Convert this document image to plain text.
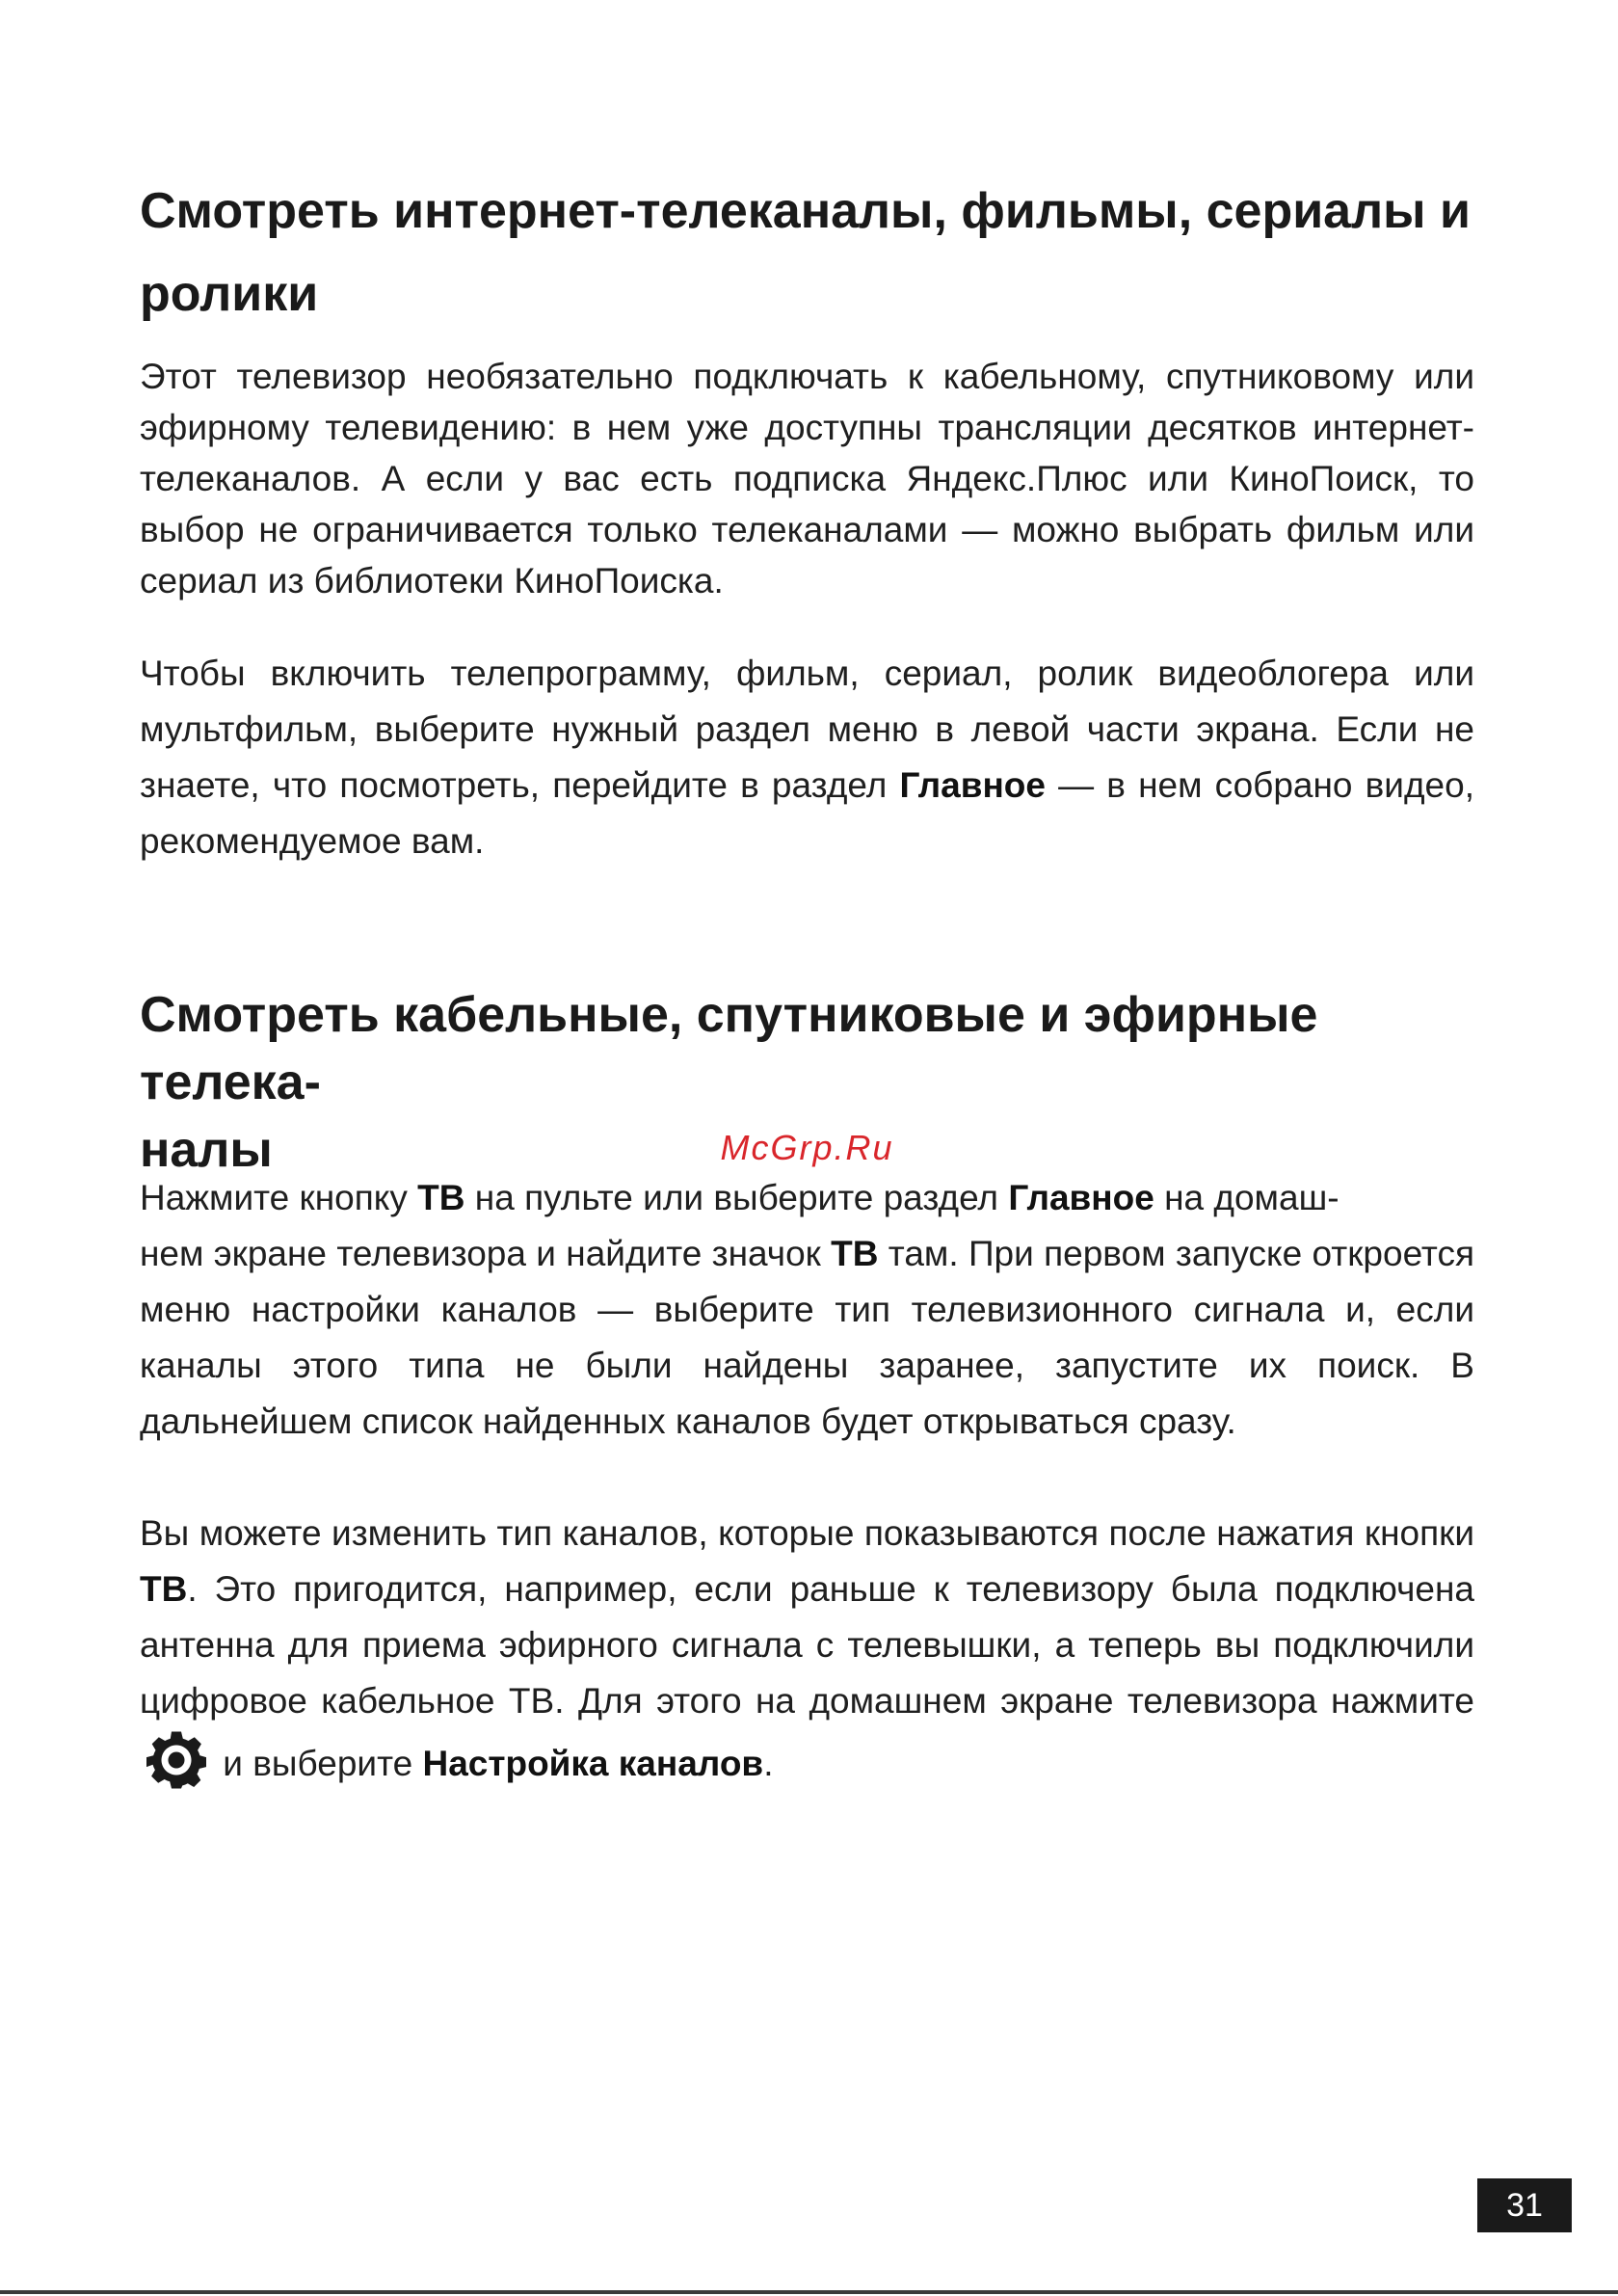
Смотреть интернет-телеканалы, фильмы, сериалы и ролики

Этот телевизор необязательно подключать к кабельному, спутниковому или эфирному телевидению: в нем уже доступны трансляции десятков интернет-телеканалов. А если у вас есть подписка Яндекс.Плюс или КиноПоиск, то выбор не ограничивается только телеканалами — можно выбрать фильм или сериал из библиотеки КиноПоиска.

Чтобы включить телепрограмму, фильм, сериал, ролик видеоблогера или мультфильм, выберите нужный раздел меню в левой части экрана. Если не знаете, что посмотреть, перейдите в раздел Главное — в нем собрано видео, рекомендуемое вам.

Смотреть кабельные, спутниковые и эфирные телека-
налы	McGrp.Ru

Нажмите кнопку ТВ на пульте или выберите раздел Главное на домаш-
нем экране телевизора и найдите значок ТВ там. При первом запуске откроется меню настройки каналов — выберите тип телевизионного сигнала и, если каналы этого типа не были найдены заранее, запустите их поиск. В дальнейшем список найденных каналов будет открываться сразу.

Вы можете изменить тип каналов, которые показываются после нажатия кнопки ТВ. Это пригодится, например, если раньше к телевизору была подключена антенна для приема эфирного сигнала с телевышки, а теперь вы подключили цифровое кабельное ТВ. Для этого на домашнем экране телевизора нажмите  и выберите Настройка каналов.

31
